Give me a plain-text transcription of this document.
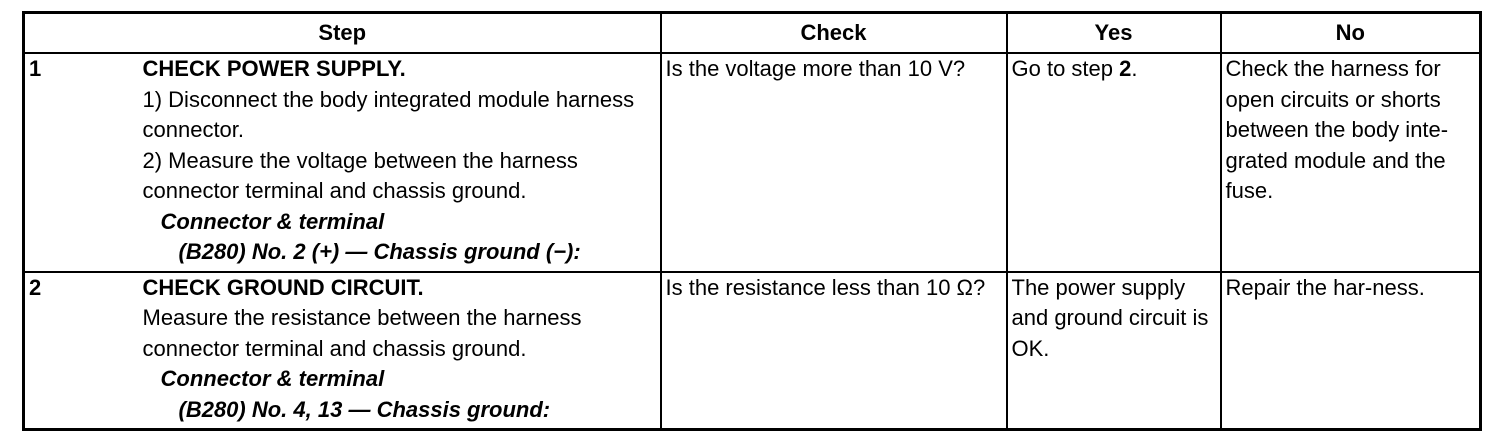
Step		Check	Yes	No
1	CHECK POWER SUPPLY.
1) Disconnect the body integrated module harness connector.
2) Measure the voltage between the harness connector terminal and chassis ground.
Connector & terminal
(B280) No. 2 (+) — Chassis ground (−):	Is the voltage more than 10 V?	Go to step 2.	Check the harness for open circuits or shorts between the body inte-grated module and the fuse.
2	CHECK GROUND CIRCUIT.
Measure the resistance between the harness connector terminal and chassis ground.
Connector & terminal
(B280) No. 4, 13 — Chassis ground:	Is the resistance less than 10 Ω?	The power supply and ground circuit is OK.	Repair the har-ness.
